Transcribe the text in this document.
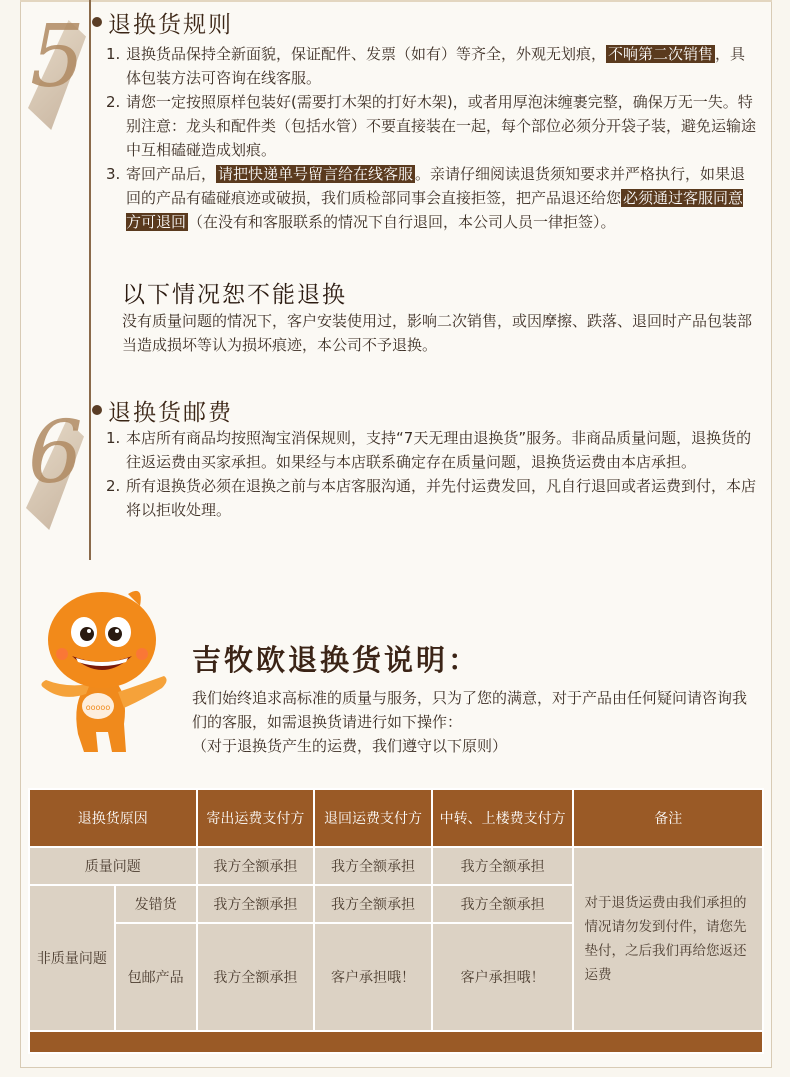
5 退换货规则
1. 退换货品保持全新面貌，保证配件、发票（如有）等齐全，外观无划痕， 不响第二次销售 ，具体包装方法可咨询在线客服。
2. 请您一定按照原样包装好(需要打木架的打好木架)，或者用厚泡沫缠裹完整，确保万无一失。特别注意：龙头和配件类（包括水管）不要直接装在一起，每个部位必须分开袋子装，避免运输途中互相磕碰造成划痕。
3. 寄回产品后， 请把快递单号留言给在线客服 。亲请仔细阅读退货须知要求并严格执行，如果退回的产品有磕碰痕迹或破损，我们质检部同事会直接拒签，把产品退还给您 必须通过客服同意方可退回 （在没有和客服联系的情况下自行退回，本公司人员一律拒签）。
以下情况恕不能退换
没有质量问题的情况下，客户安装使用过，影响二次销售，或因摩擦、跌落、退回时产品包装部当造成损坏等认为损坏痕迹，本公司不予退换。
6 退换货邮费
1. 本店所有商品均按照淘宝消保规则，支持“7天无理由退换货”服务。非商品质量问题，退换货的往返运费由买家承担。如果经与本店联系确定存在质量问题，退换货运费由本店承担。
2. 所有退换货必须在退换之前与本店客服沟通，并先付运费发回，凡自行退回或者运费到付，本店将以拒收处理。
ooooo
吉牧欧退换货说明：
我们始终追求高标准的质量与服务，只为了您的满意，对于产品由任何疑问请咨询我们的客服，如需退换货请进行如下操作：
（对于退换货产生的运费，我们遵守以下原则）
退换货原因		寄出运费支付方	退回运费支付方	中转、上楼费支付方	备注
质量问题		我方全额承担	我方全额承担	我方全额承担	对于退货运费由我们承担的情况请勿发到付件，请您先垫付，之后我们再给您返还运费
非质量问题	发错货	我方全额承担	我方全额承担	我方全额承担	
	包邮产品	我方全额承担	客户承担哦！	客户承担哦！	
